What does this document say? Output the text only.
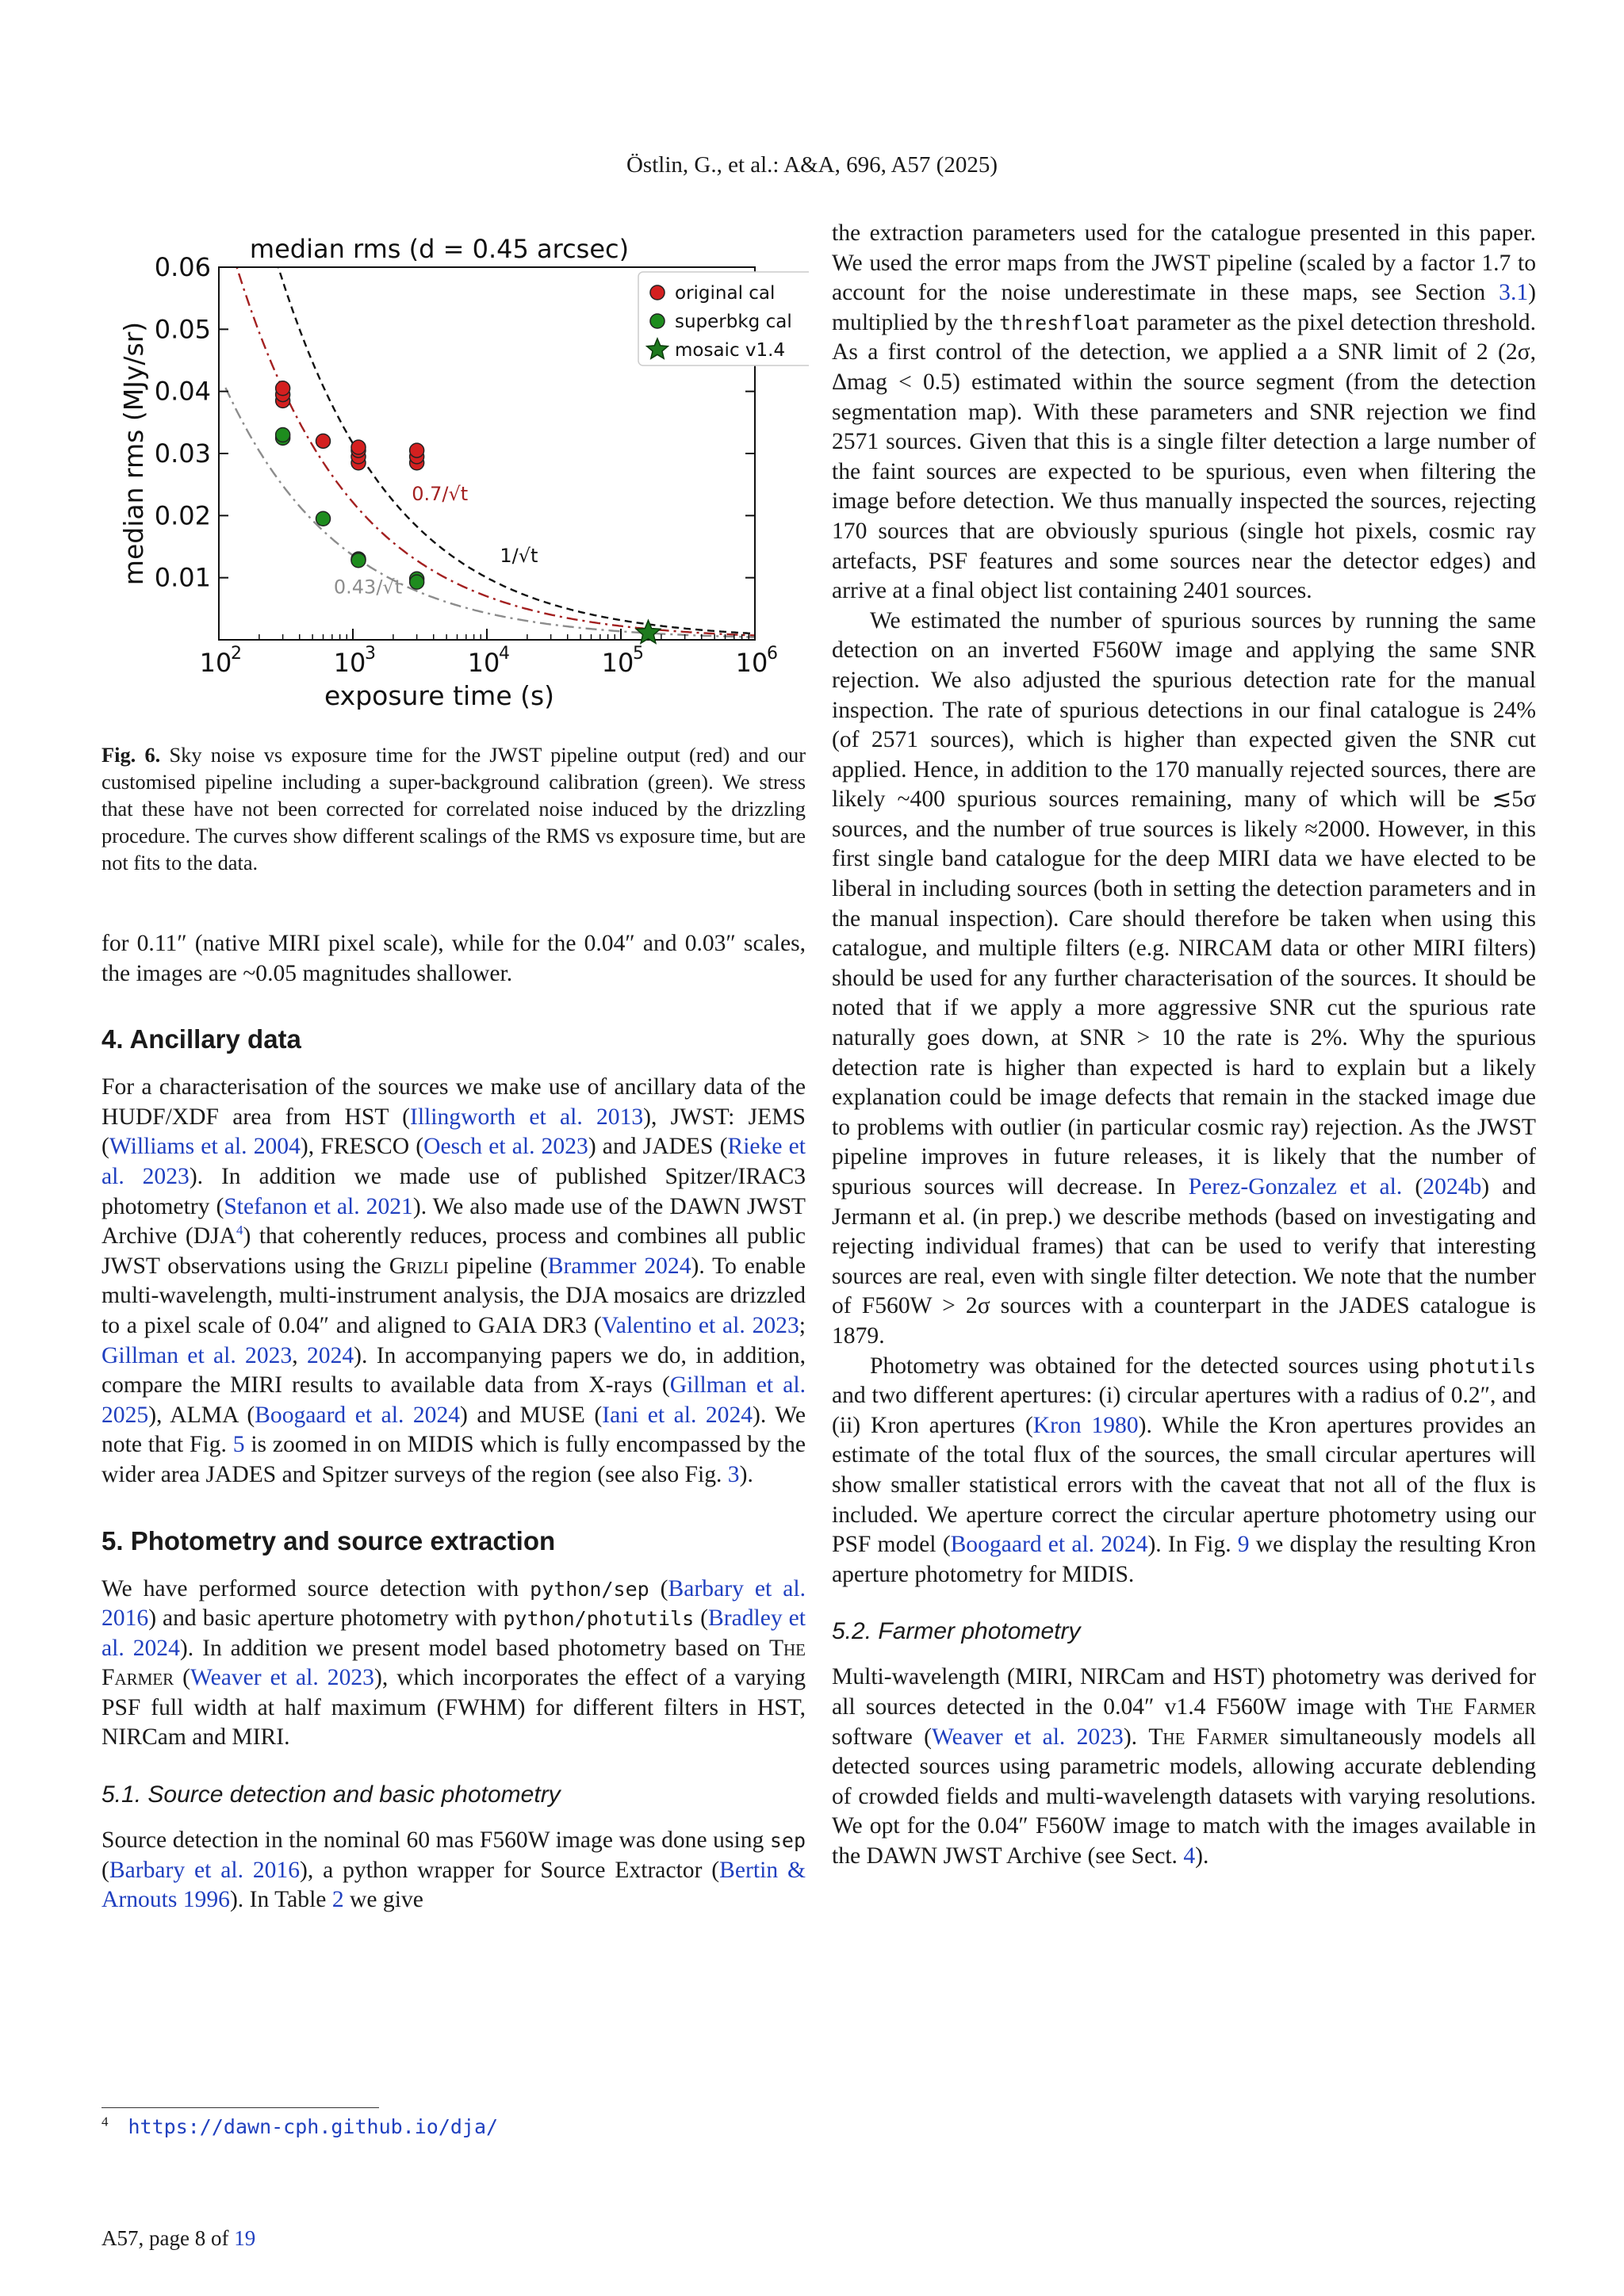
Östlin, G., et al.: A&A, 696, A57 (2025)
0.01
0.02
0.03
0.04
0.05
0.06
10
2	10
3	10
4	10
5	10
6
median rms (d = 0.45 arcsec)
exposure time (s)
median rms (MJy/sr)	1/√t
0.7/√t
0.43/√t
original cal
superbkg cal
mosaic v1.4
Fig. 6. Sky noise vs exposure time for the JWST pipeline output (red) and our customised pipeline including a super-background calibration (green). We stress that these have not been corrected for correlated noise induced by the drizzling procedure. The curves show different scalings of the RMS vs exposure time, but are not fits to the data.

for 0.11″ (native MIRI pixel scale), while for the 0.04″ and 0.03″ scales, the images are ~0.05 magnitudes shallower.

4. Ancillary data

For a characterisation of the sources we make use of ancillary data of the HUDF/XDF area from HST (Illingworth et al. 2013), JWST: JEMS (Williams et al. 2004), FRESCO (Oesch et al. 2023) and JADES (Rieke et al. 2023). In addition we made use of published Spitzer/IRAC3 photometry (Stefanon et al. 2021). We also made use of the DAWN JWST Archive (DJA$^4$) that coherently reduces, process and combines all public JWST observations using the Grizli pipeline (Brammer 2024). To enable multi-wavelength, multi-instrument analysis, the DJA mosaics are drizzled to a pixel scale of 0.04″ and aligned to GAIA DR3 (Valentino et al. 2023; Gillman et al. 2023, 2024). In accompanying papers we do, in addition, compare the MIRI results to available data from X-rays (Gillman et al. 2025), ALMA (Boogaard et al. 2024) and MUSE (Iani et al. 2024). We note that Fig. 5 is zoomed in on MIDIS which is fully encompassed by the wider area JADES and Spitzer surveys of the region (see also Fig. 3).

5. Photometry and source extraction

We have performed source detection with python/sep (Barbary et al. 2016) and basic aperture photometry with python/photutils (Bradley et al. 2024). In addition we present model based photometry based on The Farmer (Weaver et al. 2023), which incorporates the effect of a varying PSF full width at half maximum (FWHM) for different filters in HST, NIRCam and MIRI.

5.1. Source detection and basic photometry

Source detection in the nominal 60 mas F560W image was done using sep (Barbary et al. 2016), a python wrapper for Source Extractor (Bertin & Arnouts 1996). In Table 2 we give

$^4$ https://dawn-cph.github.io/dja/

the extraction parameters used for the catalogue presented in this paper. We used the error maps from the JWST pipeline (scaled by a factor 1.7 to account for the noise underestimate in these maps, see Section 3.1) multiplied by the threshfloat parameter as the pixel detection threshold. As a first control of the detection, we applied a a SNR limit of 2 (2σ, Δmag < 0.5) estimated within the source segment (from the detection segmentation map). With these parameters and SNR rejection we find 2571 sources. Given that this is a single filter detection a large number of the faint sources are expected to be spurious, even when filtering the image before detection. We thus manually inspected the sources, rejecting 170 sources that are obviously spurious (single hot pixels, cosmic ray artefacts, PSF features and some sources near the detector edges) and arrive at a final object list containing 2401 sources.

We estimated the number of spurious sources by running the same detection on an inverted F560W image and applying the same SNR rejection. We also adjusted the spurious detection rate for the manual inspection. The rate of spurious detections in our final catalogue is 24% (of 2571 sources), which is higher than expected given the SNR cut applied. Hence, in addition to the 170 manually rejected sources, there are likely ~400 spurious sources remaining, many of which will be ≲5σ sources, and the number of true sources is likely ≈2000. However, in this first single band catalogue for the deep MIRI data we have elected to be liberal in including sources (both in setting the detection parameters and in the manual inspection). Care should therefore be taken when using this catalogue, and multiple filters (e.g. NIRCAM data or other MIRI filters) should be used for any further characterisation of the sources. It should be noted that if we apply a more aggressive SNR cut the spurious rate naturally goes down, at SNR > 10 the rate is 2%. Why the spurious detection rate is higher than expected is hard to explain but a likely explanation could be image defects that remain in the stacked image due to problems with outlier (in particular cosmic ray) rejection. As the JWST pipeline improves in future releases, it is likely that the number of spurious sources will decrease. In Perez-Gonzalez et al. (2024b) and Jermann et al. (in prep.) we describe methods (based on investigating and rejecting individual frames) that can be used to verify that interesting sources are real, even with single filter detection. We note that the number of F560W > 2σ sources with a counterpart in the JADES catalogue is 1879.

Photometry was obtained for the detected sources using photutils and two different apertures: (i) circular apertures with a radius of 0.2″, and (ii) Kron apertures (Kron 1980). While the Kron apertures provides an estimate of the total flux of the sources, the small circular apertures will show smaller statistical errors with the caveat that not all of the flux is included. We aperture correct the circular aperture photometry using our PSF model (Boogaard et al. 2024). In Fig. 9 we display the resulting Kron aperture photometry for MIDIS.

5.2. Farmer photometry

Multi-wavelength (MIRI, NIRCam and HST) photometry was derived for all sources detected in the 0.04″ v1.4 F560W image with The Farmer software (Weaver et al. 2023). The Farmer simultaneously models all detected sources using parametric models, allowing accurate deblending of crowded fields and multi-wavelength datasets with varying resolutions. We opt for the 0.04″ F560W image to match with the images available in the DAWN JWST Archive (see Sect. 4).

A57, page 8 of 19
